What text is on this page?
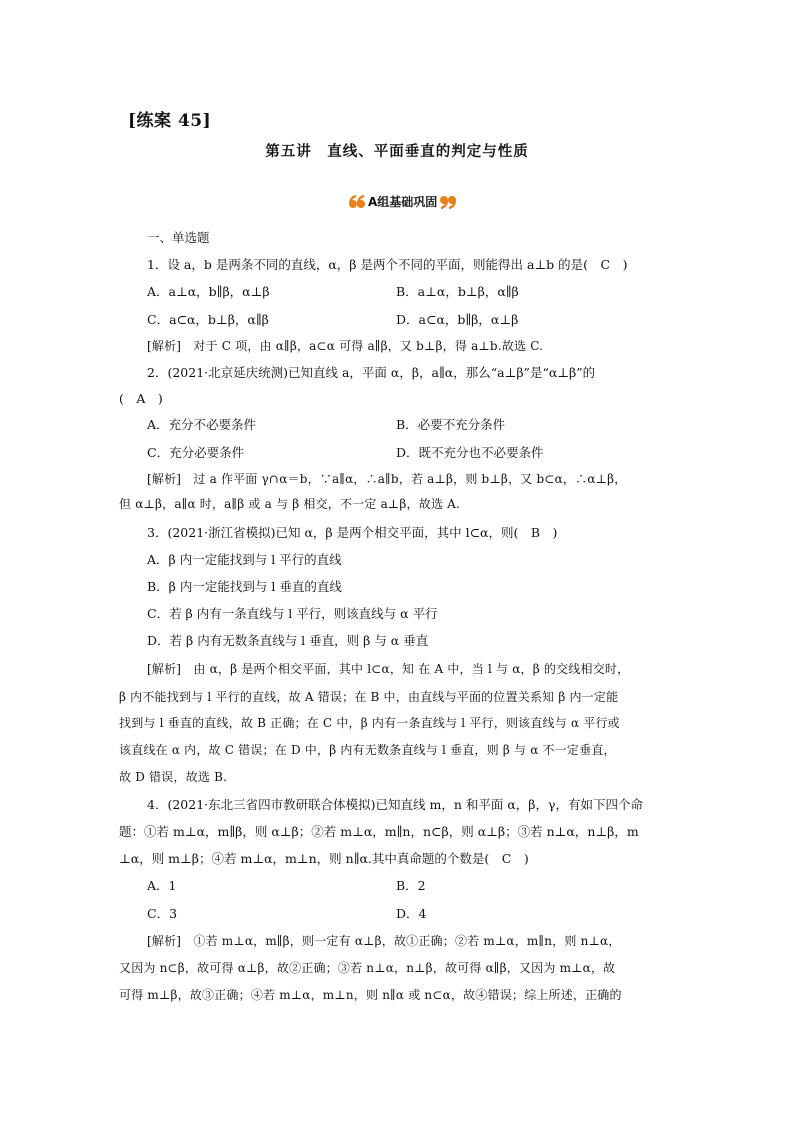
[练案 45]
第五讲　直线、平面垂直的判定与性质
A组基础巩固
一、单选题
1．设 a，b 是两条不同的直线，α，β 是两个不同的平面，则能得出 a⊥b 的是(　C　)
A．a⊥α，b∥β，α⊥β	B．a⊥α，b⊥β，α∥β
C．a⊂α，b⊥β，α∥β	D．a⊂α，b∥β，α⊥β
[解析]　对于 C 项，由 α∥β，a⊂α 可得 a∥β，又 b⊥β，得 a⊥b.故选 C.
2．(2021·北京延庆统测)已知直线 a，平面 α，β，a∥α，那么“a⊥β”是“α⊥β”的
(　A　)
A．充分不必要条件	B．必要不充分条件
C．充分必要条件	D．既不充分也不必要条件
[解析]　过 a 作平面 γ∩α＝b，∵a∥α，∴a∥b，若 a⊥β，则 b⊥β，又 b⊂α，∴α⊥β，
但 α⊥β，a∥α 时，a∥β 或 a 与 β 相交，不一定 a⊥β，故选 A.
3．(2021·浙江省模拟)已知 α，β 是两个相交平面，其中 l⊂α，则(　B　)
A．β 内一定能找到与 l 平行的直线
B．β 内一定能找到与 l 垂直的直线
C．若 β 内有一条直线与 l 平行，则该直线与 α 平行
D．若 β 内有无数条直线与 l 垂直，则 β 与 α 垂直
[解析]　由 α，β 是两个相交平面，其中 l⊂α，知 在 A 中，当 l 与 α，β 的交线相交时，
β 内不能找到与 l 平行的直线，故 A 错误；在 B 中，由直线与平面的位置关系知 β 内一定能
找到与 l 垂直的直线，故 B 正确；在 C 中，β 内有一条直线与 l 平行，则该直线与 α 平行或
该直线在 α 内，故 C 错误；在 D 中，β 内有无数条直线与 l 垂直，则 β 与 α 不一定垂直，
故 D 错误，故选 B.
4．(2021·东北三省四市教研联合体模拟)已知直线 m，n 和平面 α，β，γ，有如下四个命
题：①若 m⊥α，m∥β，则 α⊥β；②若 m⊥α，m∥n，n⊂β，则 α⊥β；③若 n⊥α，n⊥β，m
⊥α，则 m⊥β；④若 m⊥α，m⊥n，则 n∥α.其中真命题的个数是(　C　)
A．1	B．2
C．3	D．4
[解析]　①若 m⊥α，m∥β，则一定有 α⊥β，故①正确；②若 m⊥α，m∥n，则 n⊥α，
又因为 n⊂β，故可得 α⊥β，故②正确；③若 n⊥α，n⊥β，故可得 α∥β，又因为 m⊥α，故
可得 m⊥β，故③正确；④若 m⊥α，m⊥n，则 n∥α 或 n⊂α，故④错误；综上所述，正确的
